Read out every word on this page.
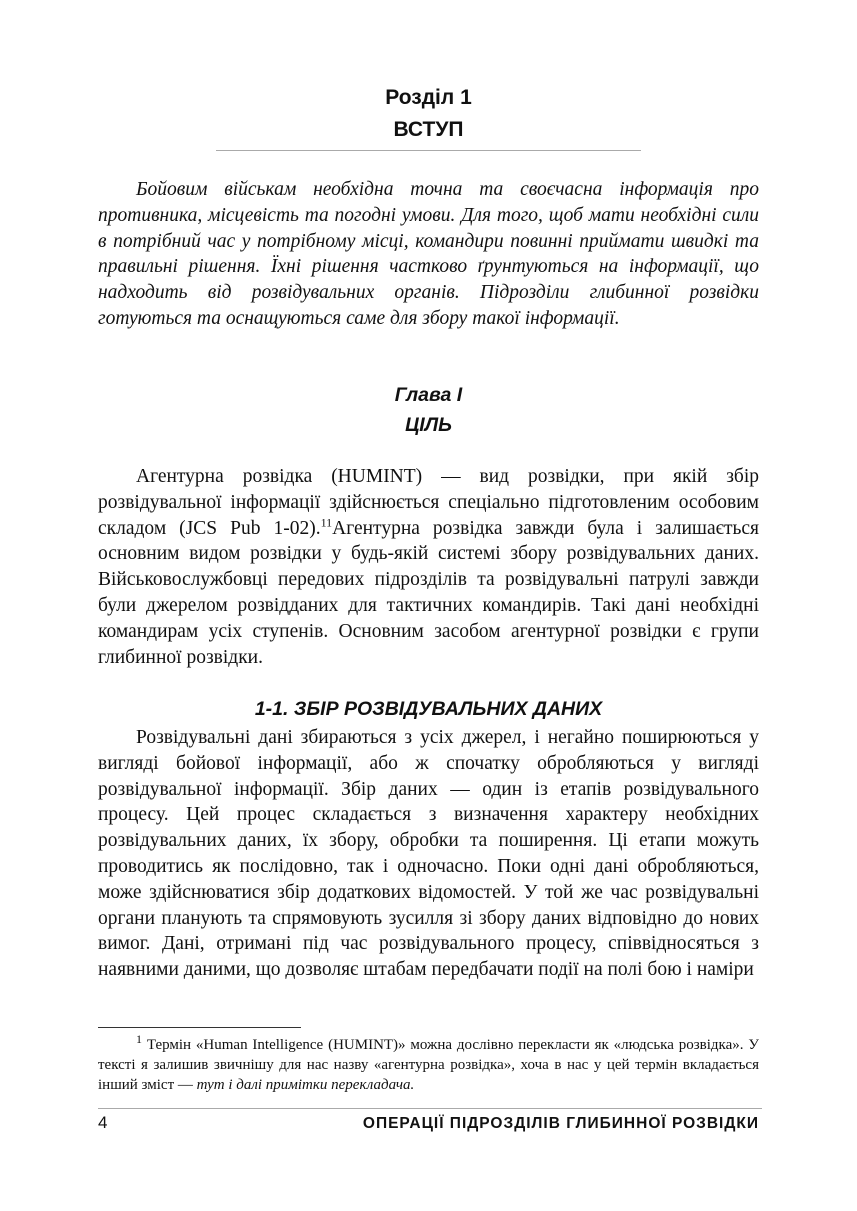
Розділ 1
ВСТУП

Бойовим військам необхідна точна та своєчасна інформація про противника, місцевість та погодні умови. Для того, щоб мати необхідні сили в потрібний час у потрібному місці, командири повинні приймати швидкі та правильні рішення. Їхні рішення частково ґрунтуються на інформації, що надходить від розвідувальних органів. Підрозділи глибинної розвідки готуються та оснащуються саме для збору такої інформації.

Глава І
ЦІЛЬ

Агентурна розвідка (HUMINT) — вид розвідки, при якій збір розвідувальної інформації здійснюється спеціально підготовленим особовим складом (JCS Pub 1-02).$^{11}$Агентурна розвідка завжди була і залишається основним видом розвідки у будь-якій системі збору розвідувальних даних. Військовослужбовці передових підрозділів та розвідувальні патрулі завжди були джерелом розвідданих для тактичних командирів. Такі дані необхідні командирам усіх ступенів. Основним засобом агентурної розвідки є групи глибинної розвідки.

1-1. ЗБІР РОЗВІДУВАЛЬНИХ ДАНИХ

Розвідувальні дані збираються з усіх джерел, і негайно поширюються у вигляді бойової інформації, або ж спочатку обробляються у вигляді розвідувальної інформації. Збір даних — один із етапів розвідувального процесу. Цей процес складається з визначення характеру необхідних розвідувальних даних, їх збору, обробки та поширення. Ці етапи можуть проводитись як послідовно, так і одночасно. Поки одні дані обробляються, може здійснюватися збір додаткових відомостей. У той же час розвідувальні органи планують та спрямовують зусилля зі збору даних відповідно до нових вимог. Дані, отримані під час розвідувального процесу, співвідносяться з наявними даними, що дозволяє штабам передбачати події на полі бою і наміри

$^1$ Термін «Human Intelligence (HUMINT)» можна дослівно перекласти як «людська розвідка». У тексті я залишив звичнішу для нас назву «агентурна розвідка», хоча в нас у цей термін вкладається інший зміст — тут і далі примітки перекладача.

4	ОПЕРАЦІЇ ПІДРОЗДІЛІВ ГЛИБИННОЇ РОЗВІДКИ
